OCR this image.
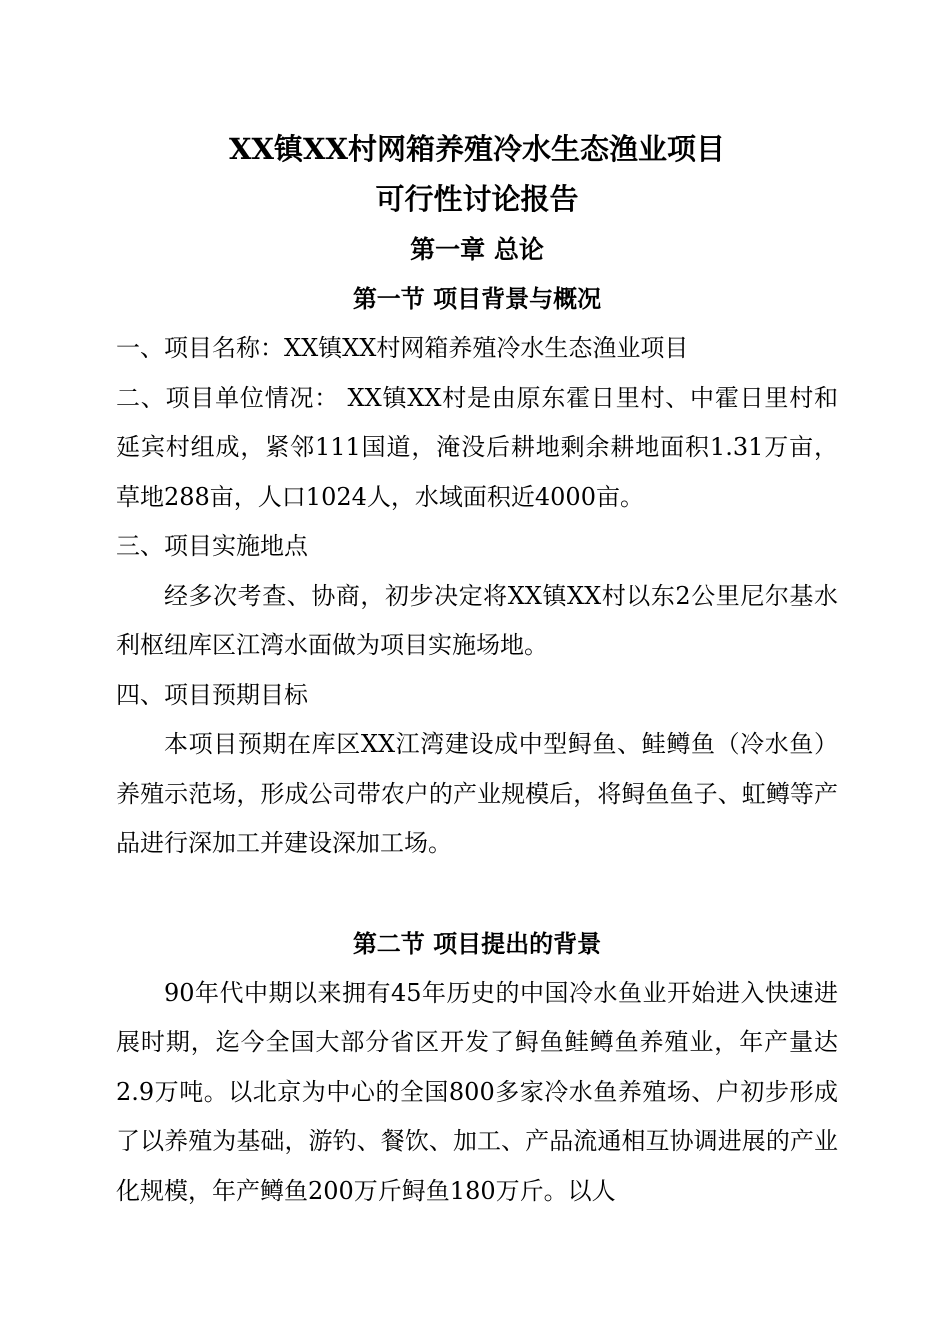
XX镇XX村网箱养殖冷水生态渔业项目

可行性讨论报告

第一章 总论

第一节 项目背景与概况

一、项目名称：XX镇XX村网箱养殖冷水生态渔业项目

二、项目单位情况： XX镇XX村是由原东霍日里村、中霍日里村和延宾村组成，紧邻111国道，淹没后耕地剩余耕地面积1.31万亩，草地288亩，人口1024人，水域面积近4000亩。

三、项目实施地点

经多次考查、协商，初步决定将XX镇XX村以东2公里尼尔基水利枢纽库区江湾水面做为项目实施场地。

四、项目预期目标

本项目预期在库区XX江湾建设成中型鲟鱼、鲑鳟鱼（冷水鱼）养殖示范场，形成公司带农户的产业规模后，将鲟鱼鱼子、虹鳟等产品进行深加工并建设深加工场。

第二节 项目提出的背景

90年代中期以来拥有45年历史的中国冷水鱼业开始进入快速进展时期，迄今全国大部分省区开发了鲟鱼鲑鳟鱼养殖业，年产量达2.9万吨。以北京为中心的全国800多家冷水鱼养殖场、户初步形成了以养殖为基础，游钓、餐饮、加工、产品流通相互协调进展的产业化规模，年产鳟鱼200万斤鲟鱼180万斤。以人
